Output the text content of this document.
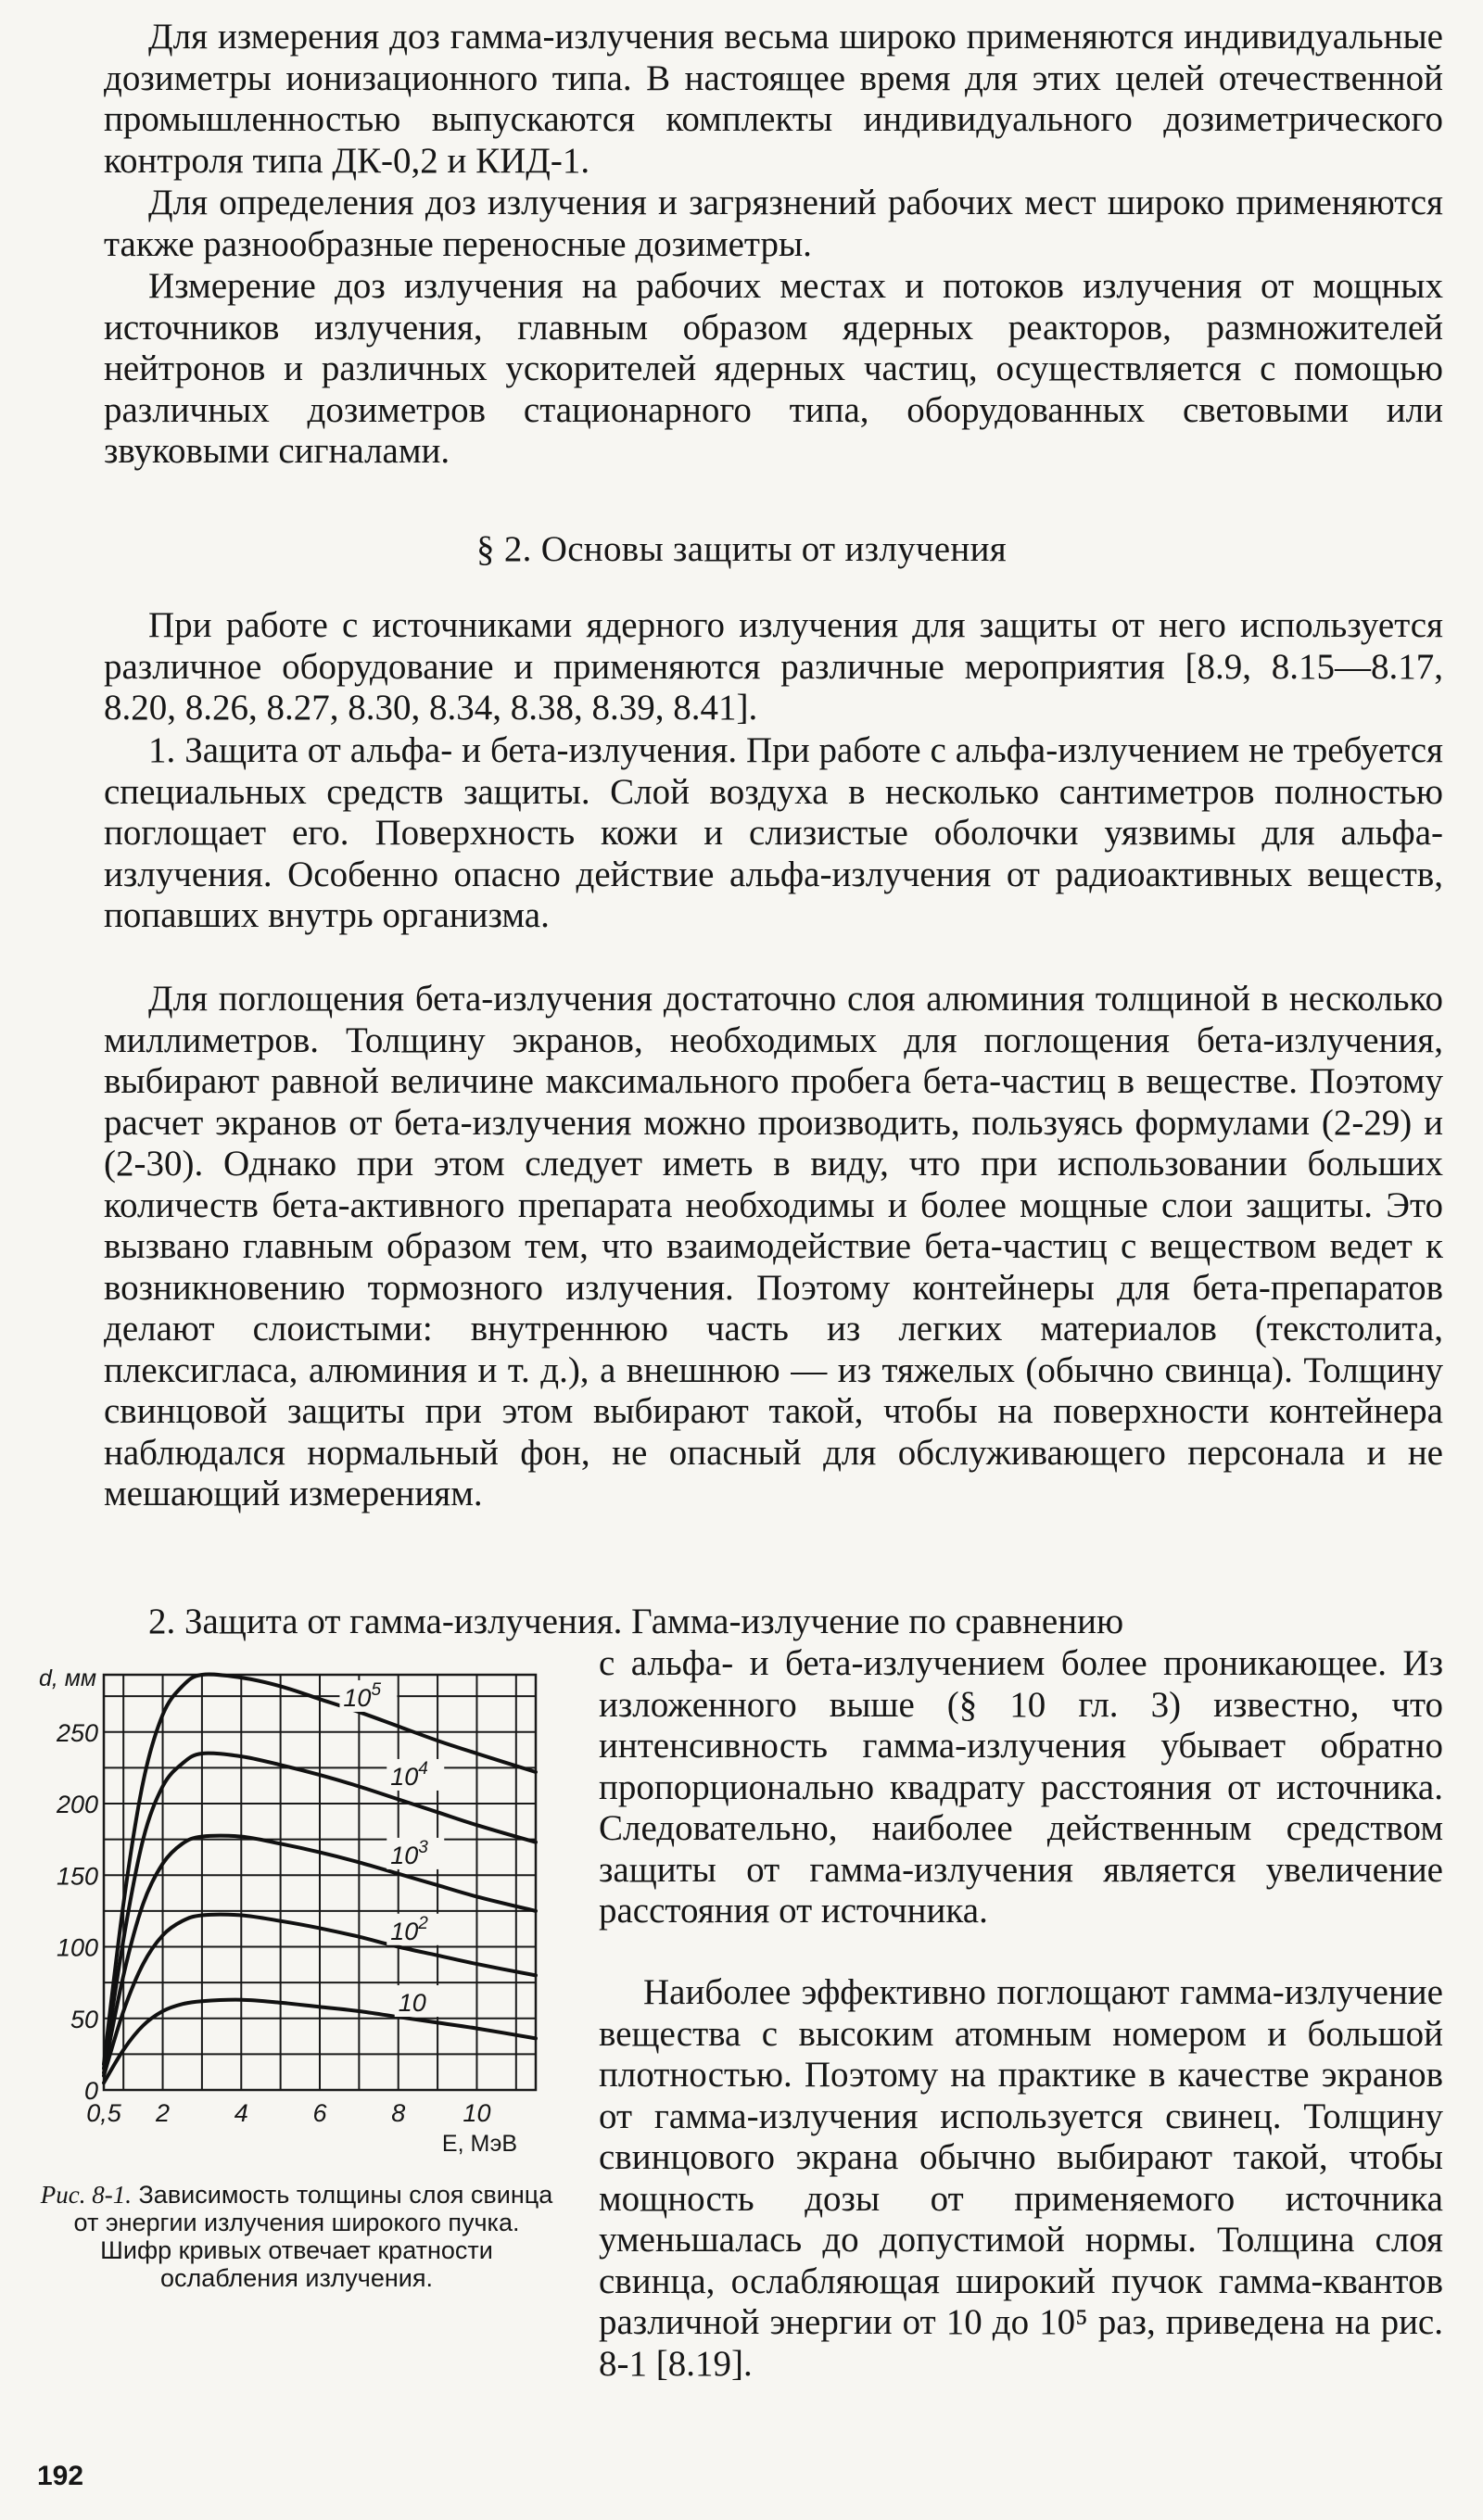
Для измерения доз гамма-излучения весьма широко применяются индивидуальные дозиметры ионизационного типа. В настоящее время для этих целей отечественной промышленностью выпускаются комплекты индивидуального дозиметрического контроля типа ДК-0,2 и КИД-1.

Для определения доз излучения и загрязнений рабочих мест широко применяются также разнообразные переносные дозиметры.

Измерение доз излучения на рабочих местах и потоков излучения от мощных источников излучения, главным образом ядерных реакторов, размножителей нейтронов и различных ускорителей ядерных частиц, осуществляется с помощью различных дозиметров стационарного типа, оборудованных световыми или звуковыми сигналами.

§ 2. Основы защиты от излучения

При работе с источниками ядерного излучения для защиты от него используется различное оборудование и применяются различные мероприятия [8.9, 8.15—8.17, 8.20, 8.26, 8.27, 8.30, 8.34, 8.38, 8.39, 8.41].

1. Защита от альфа- и бета-излучения. При работе с альфа-излучением не требуется специальных средств защиты. Слой воздуха в несколько сантиметров полностью поглощает его. Поверхность кожи и слизистые оболочки уязвимы для альфа-излучения. Особенно опасно действие альфа-излучения от радиоактивных веществ, попавших внутрь организма.

Для поглощения бета-излучения достаточно слоя алюминия толщиной в несколько миллиметров. Толщину экранов, необходимых для поглощения бета-излучения, выбирают равной величине максимального пробега бета-частиц в веществе. Поэтому расчет экранов от бета-излучения можно производить, пользуясь формулами (2-29) и (2-30). Однако при этом следует иметь в виду, что при использовании больших количеств бета-активного препарата необходимы и более мощные слои защиты. Это вызвано главным образом тем, что взаимодействие бета-частиц с веществом ведет к возникновению тормозного излучения. Поэтому контейнеры для бета-препаратов делают слоистыми: внутреннюю часть из легких материалов (текстолита, плексигласа, алюминия и т. д.), а внешнюю — из тяжелых (обычно свинца). Толщину свинцовой защиты при этом выбирают такой, чтобы на поверхности контейнера наблюдался нормальный фон, не опасный для обслуживающего персонала и не мешающий измерениям.

2. Защита от гамма-излучения. Гамма-излучение по сравнению

с альфа- и бета-излучением более проникающее. Из изложенного выше (§ 10 гл. 3) известно, что интенсивность гамма-излучения убывает обратно пропорционально квадрату расстояния от источника. Следовательно, наиболее действенным средством защиты от гамма-излучения является увеличение расстояния от источника.

Наиболее эффективно поглощают гамма-излучение вещества с высоким атомным номером и большой плотностью. Поэтому на практике в качестве экранов от гамма-излучения используется свинец. Толщину свинцового экрана обычно выбирают такой, чтобы мощность дозы от применяемого источника уменьшалась до допустимой нормы. Толщина слоя свинца, ослабляющая широкий пучок гамма-квантов различной энергии от 10 до 10⁵ раз, приведена на рис. 8-1 [8.19].

0,5 2	4	6	8 10
0
50
100
150
200
250
10
$10^2$
$10^3$
$10^4$
$10^5$
d, мм
E, МэВ

Рис. 8-1. Зависимость толщины слоя свинца от энергии излучения широкого пучка. Шифр кривых отвечает кратности ослабления излучения.

192
